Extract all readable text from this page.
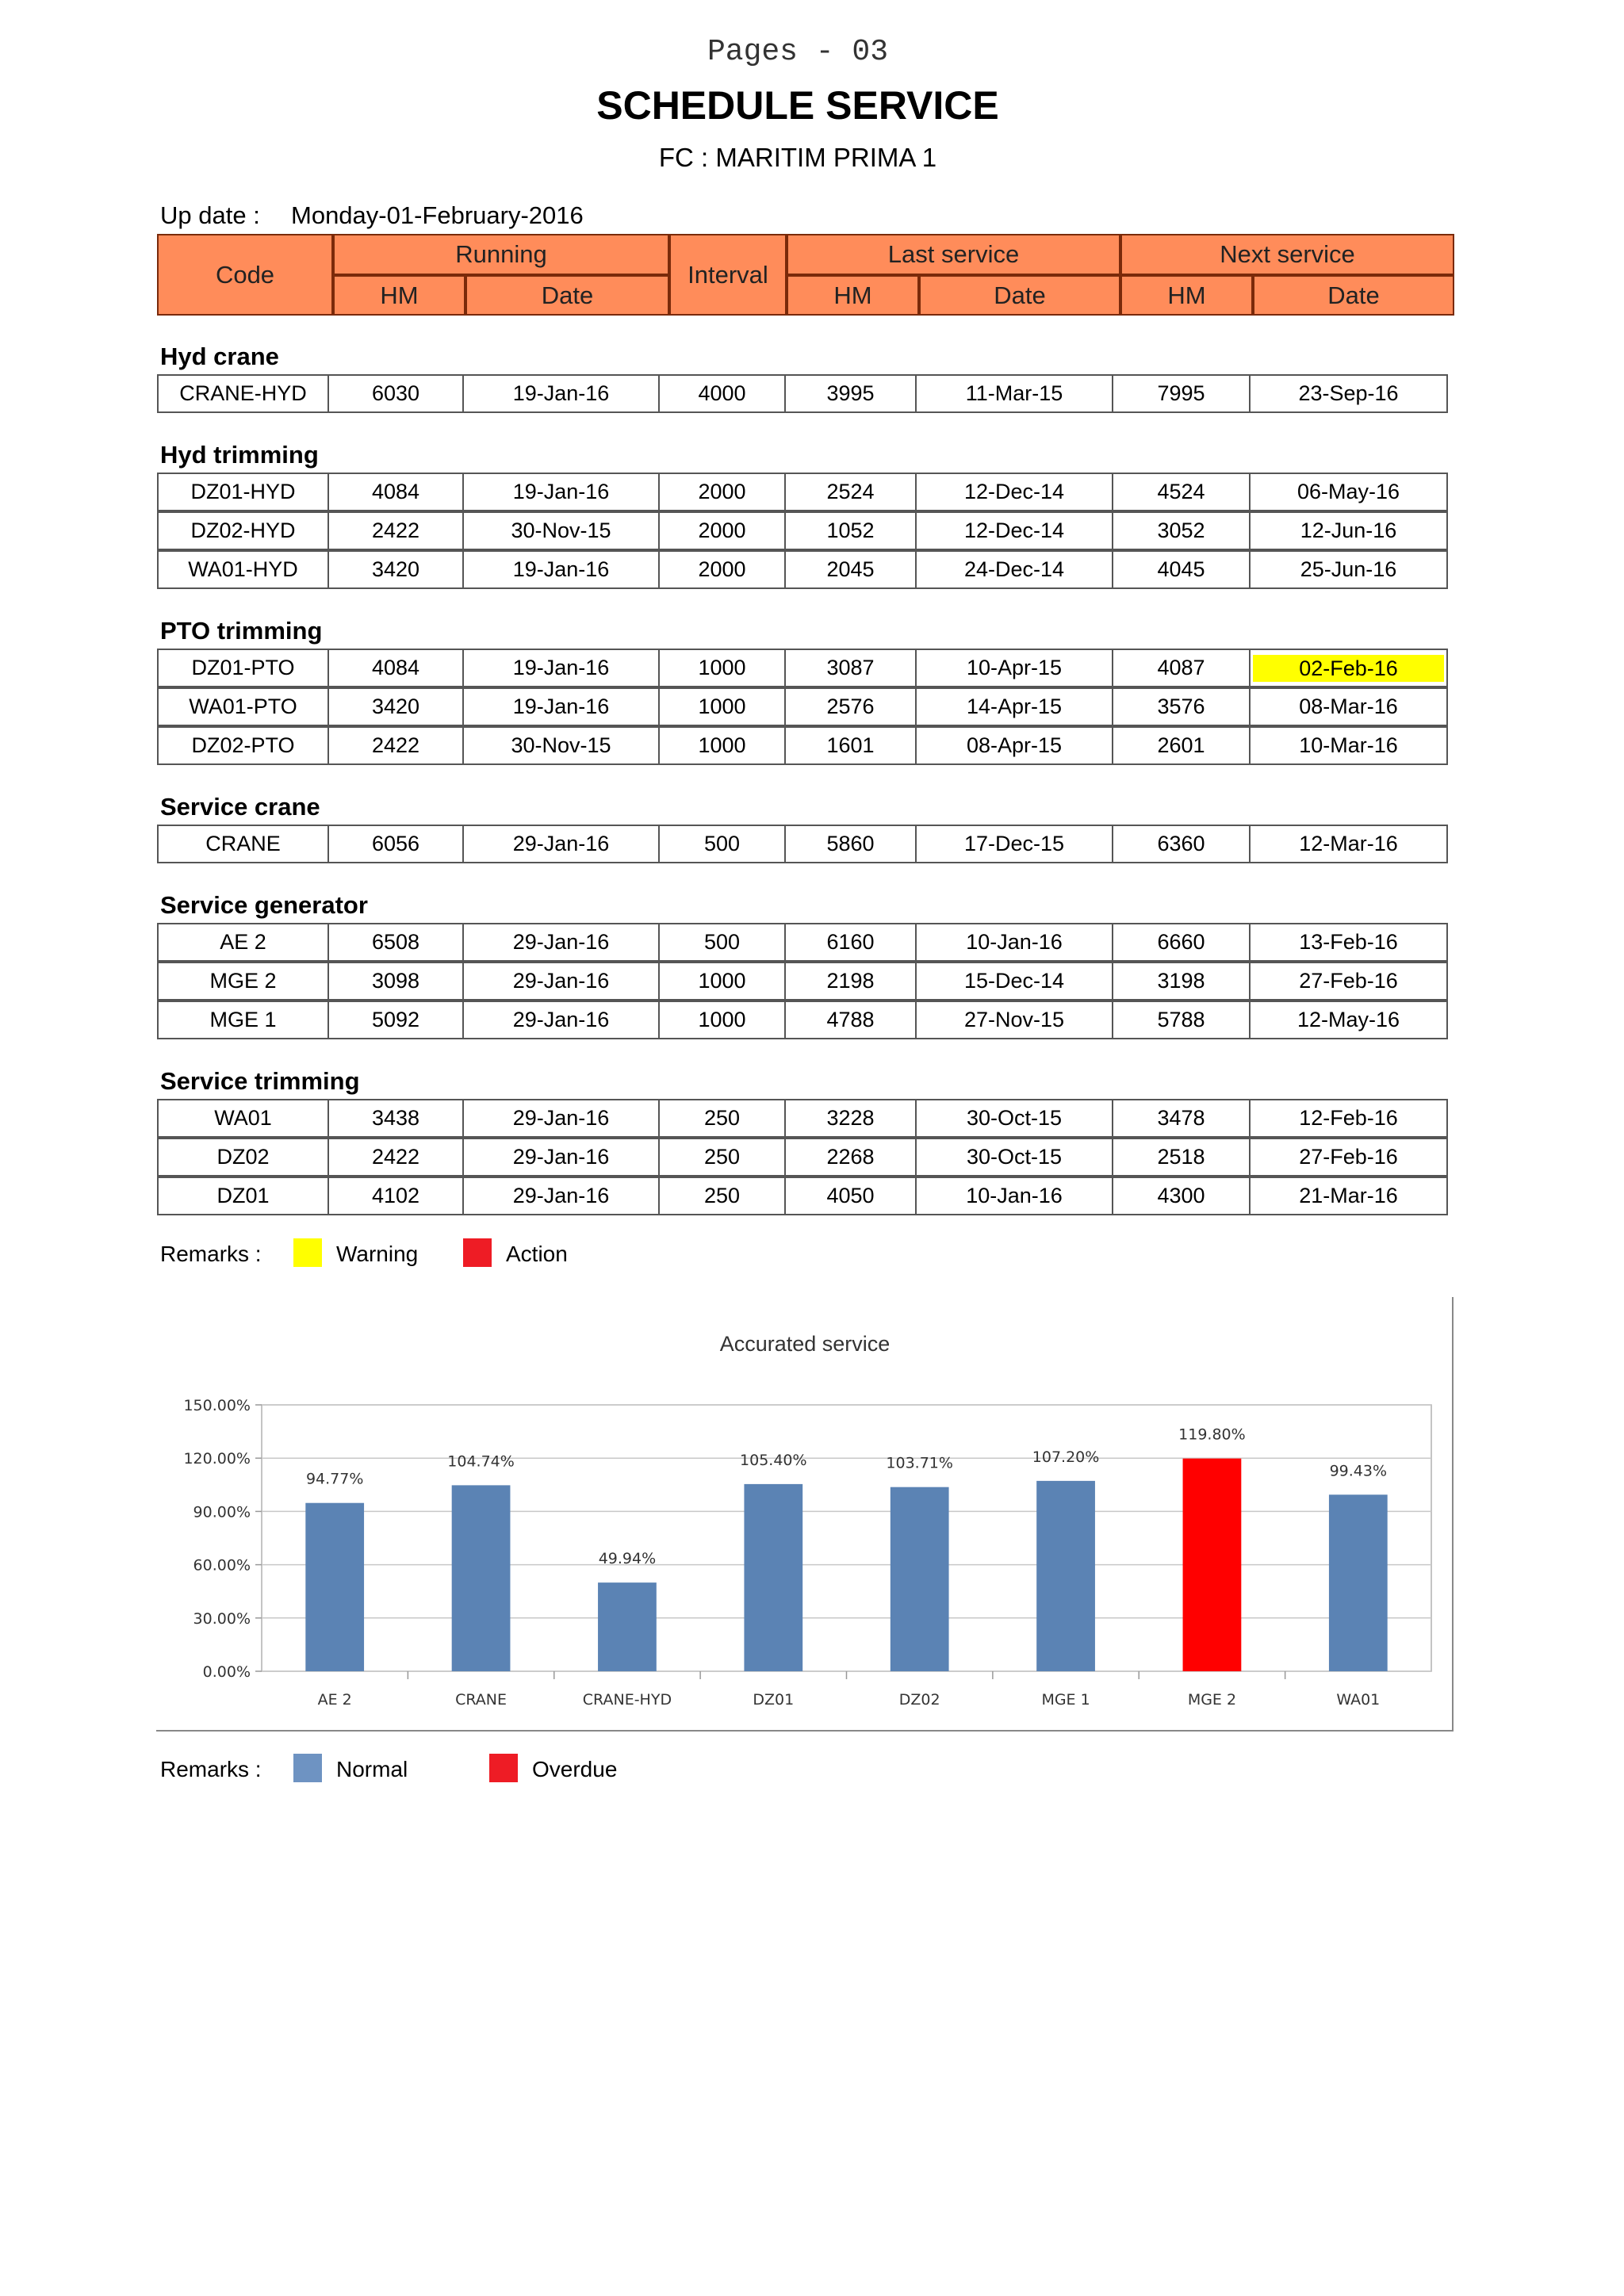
Pages - 03
SCHEDULE SERVICE
FC : MARITIM PRIMA 1
Up date : Monday-01-February-2016
Code
Running
HM	Date
Interval
Last service
HM	Date
Next service
HM	Date
Hyd crane
CRANE-HYD	6030	19-Jan-16	4000	3995	11-Mar-15	7995	23-Sep-16
Hyd trimming
DZ01-HYD	4084	19-Jan-16	2000	2524	12-Dec-14	4524	06-May-16
DZ02-HYD	2422	30-Nov-15	2000	1052	12-Dec-14	3052	12-Jun-16
WA01-HYD	3420	19-Jan-16	2000	2045	24-Dec-14	4045	25-Jun-16
PTO trimming
DZ01-PTO	4084	19-Jan-16	1000	3087	10-Apr-15	4087	02-Feb-16
WA01-PTO	3420	19-Jan-16	1000	2576	14-Apr-15	3576	08-Mar-16
DZ02-PTO	2422	30-Nov-15	1000	1601	08-Apr-15	2601	10-Mar-16
Service crane
CRANE	6056	29-Jan-16	500	5860	17-Dec-15	6360	12-Mar-16
Service generator
AE 2	6508	29-Jan-16	500	6160	10-Jan-16	6660	13-Feb-16
MGE 2	3098	29-Jan-16	1000	2198	15-Dec-14	3198	27-Feb-16
MGE 1	5092	29-Jan-16	1000	4788	27-Nov-15	5788	12-May-16
Service trimming
WA01	3438	29-Jan-16	250	3228	30-Oct-15	3478	12-Feb-16
DZ02	2422	29-Jan-16	250	2268	30-Oct-15	2518	27-Feb-16
DZ01	4102	29-Jan-16	250	4050	10-Jan-16	4300	21-Mar-16
Remarks :	Warning	Action
Accurated service
0.00%
30.00%
60.00%
90.00%
120.00%
150.00%
94.77%
AE 2
104.74%
CRANE
49.94%
CRANE-HYD
105.40%
DZ01
103.71%
DZ02
107.20%
MGE 1
119.80%
MGE 2
99.43%
WA01
Remarks :	Normal	Overdue
